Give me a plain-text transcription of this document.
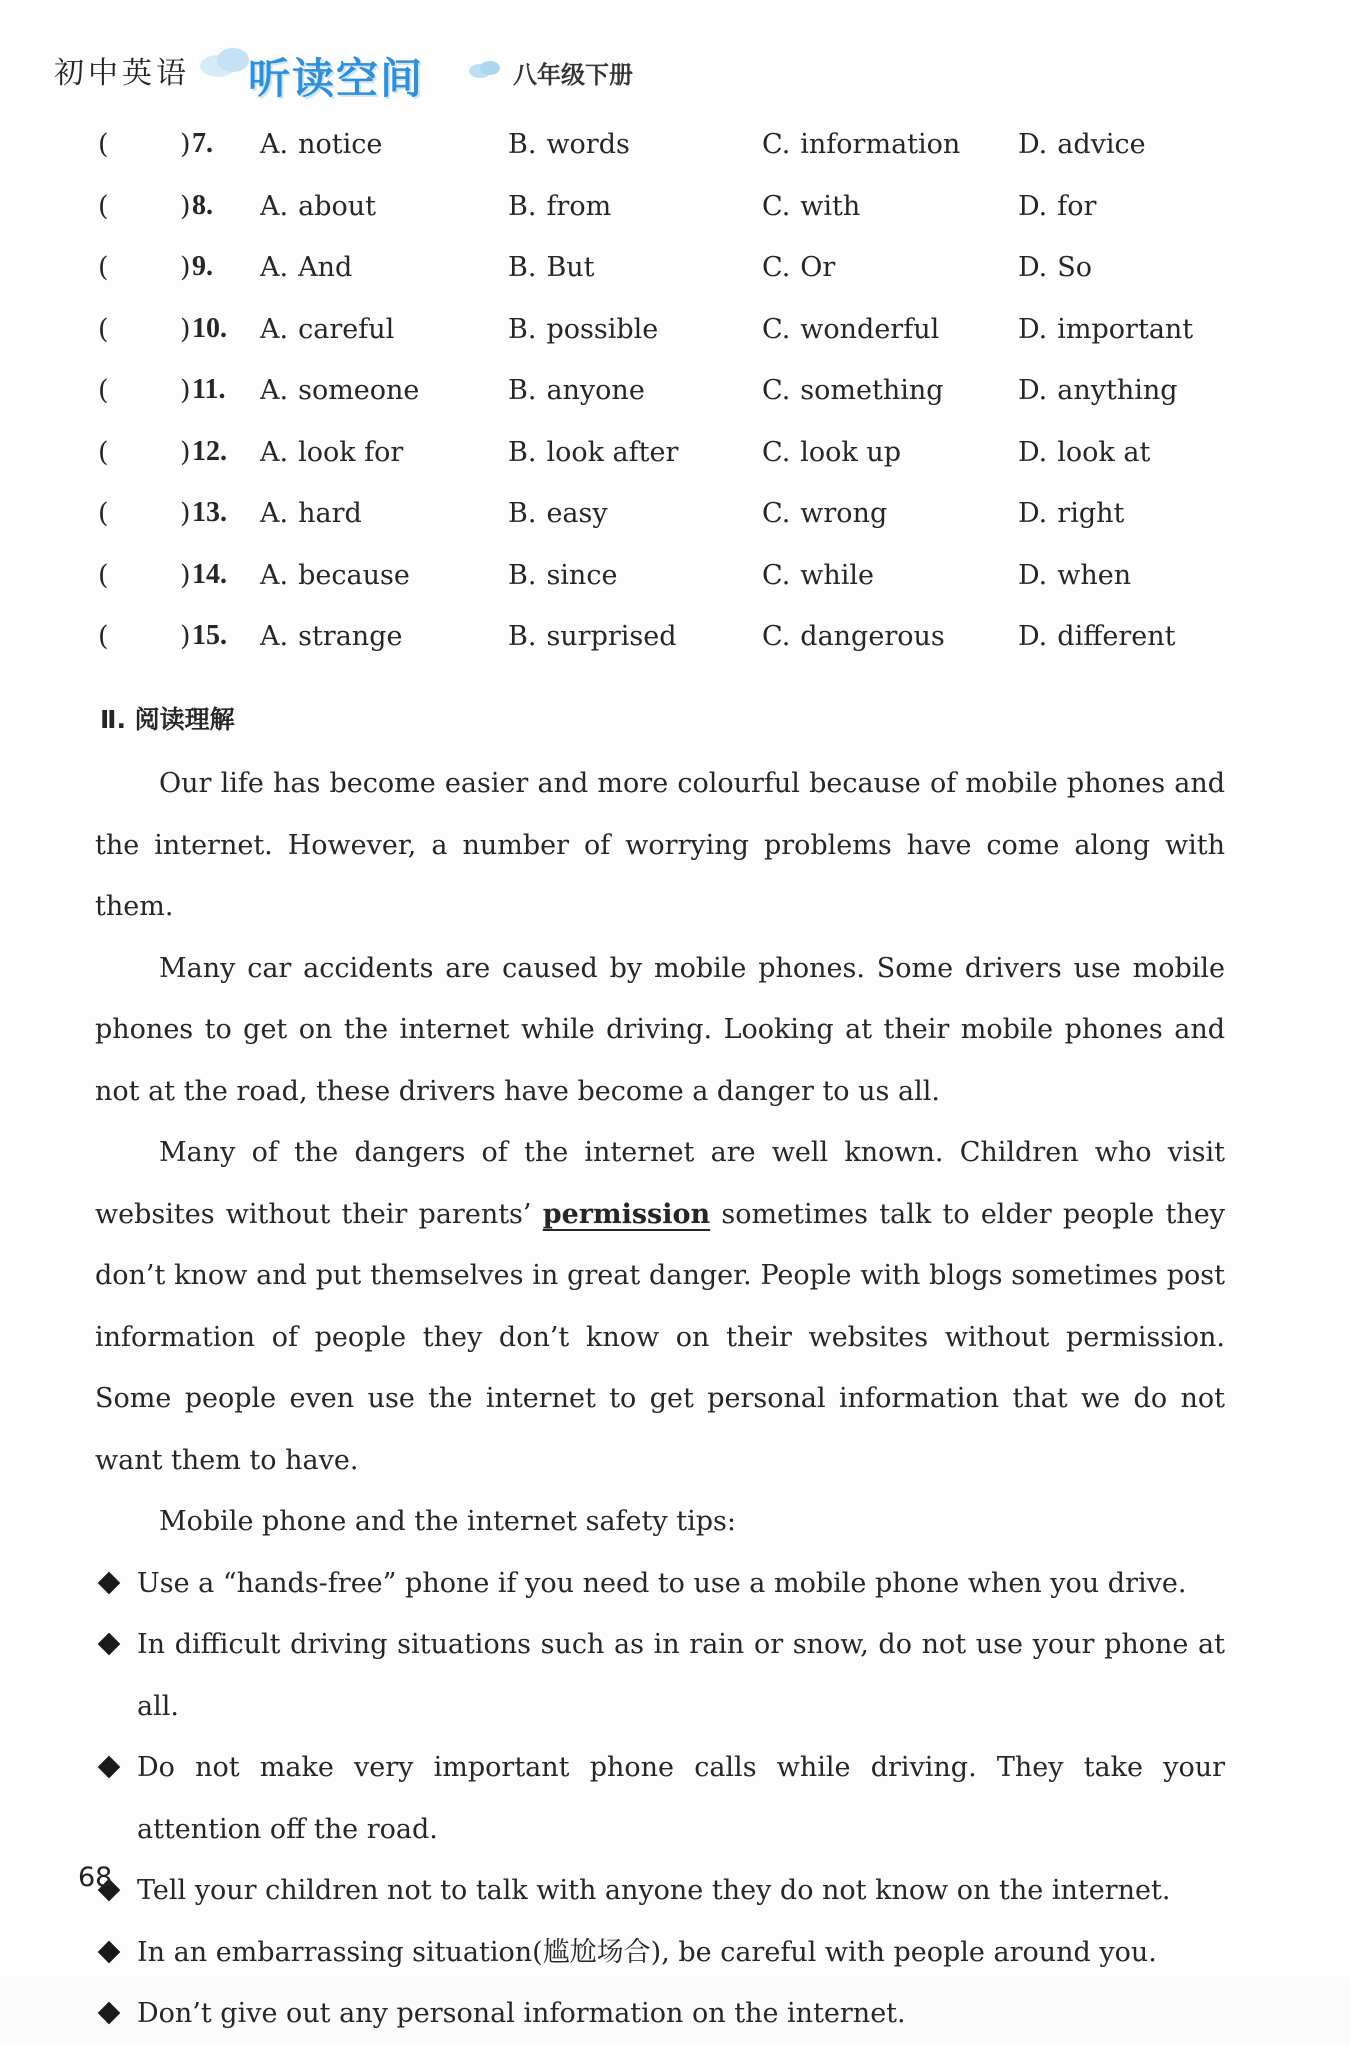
初中英语 听读空间	八年级下册
(	) 7. A. notice	B. words	C. information D. advice
(	) 8. A. about	B. from	C. with	D. for
(	) 9. A. And	B. But	C. Or	D. So
(	) 10. A. careful	B. possible	C. wonderful	D. important
(	) 11. A. someone	B. anyone	C. something	D. anything
(	) 12. A. look for	B. look after	C. look up	D. look at
(	) 13. A. hard	B. easy	C. wrong	D. right
(	) 14. A. because	B. since	C. while	D. when
(	) 15. A. strange	B. surprised	C. dangerous	D. different
Ⅱ. 阅读理解

Our life has become easier and more colourful because of mobile phones and the internet. However, a number of worrying problems have come along with them.

Many car accidents are caused by mobile phones. Some drivers use mobile phones to get on the internet while driving. Looking at their mobile phones and not at the road, these drivers have become a danger to us all.

Many of the dangers of the internet are well known. Children who visit websites without their parents’ permission sometimes talk to elder people they don’t know and put themselves in great danger. People with blogs sometimes post information of people they don’t know on their websites without permission. Some people even use the internet to get personal information that we do not want them to have.

Mobile phone and the internet safety tips:

Use a “hands-free” phone if you need to use a mobile phone when you drive.
In difficult driving situations such as in rain or snow, do not use your phone at all.
Do not make very important phone calls while driving. They take your attention off the road.
Tell your children not to talk with anyone they do not know on the internet.
In an embarrassing situation(尴尬场合), be careful with people around you.
Don’t give out any personal information on the internet.
68
